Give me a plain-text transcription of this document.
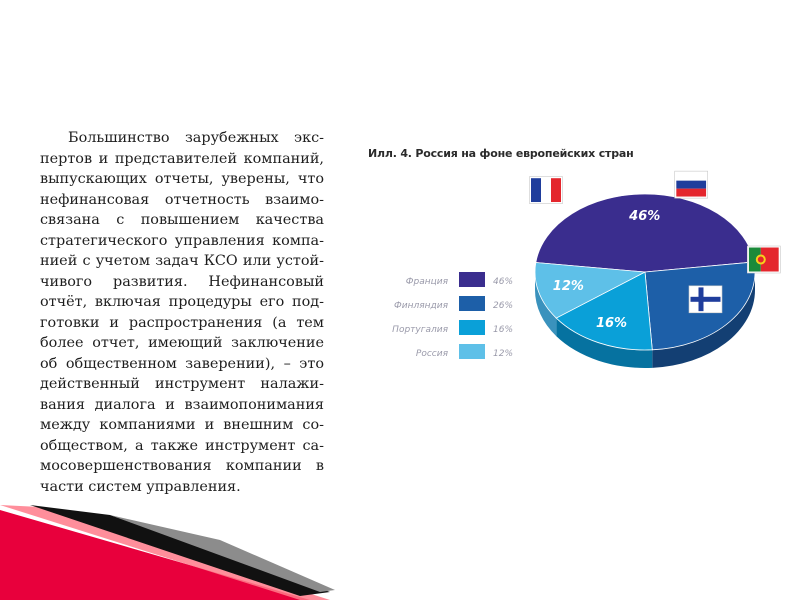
Большинство зарубежных экс-
пертов и представителей компаний,
выпускающих отчеты, уверены, что
нефинансовая отчетность взаимо-
связана с повышением качества
стратегического управления компа-
нией с учетом задач КСО или устой-
чивого развития. Нефинансовый
отчёт, включая процедуры его под-
готовки и распространения (а тем
более отчет, имеющий заключение
об общественном заверении), – это
действенный инструмент налажи-
вания диалога и взаимопонимания
между компаниями и внешним со-
обществом, а также инструмент са-
мосовершенствования компании в
части систем управления.
Илл. 4. Россия на фоне европейских стран
Франция	46%
Финляндия	26%
Португалия	16%
Россия	12%
46%
16%
12%
